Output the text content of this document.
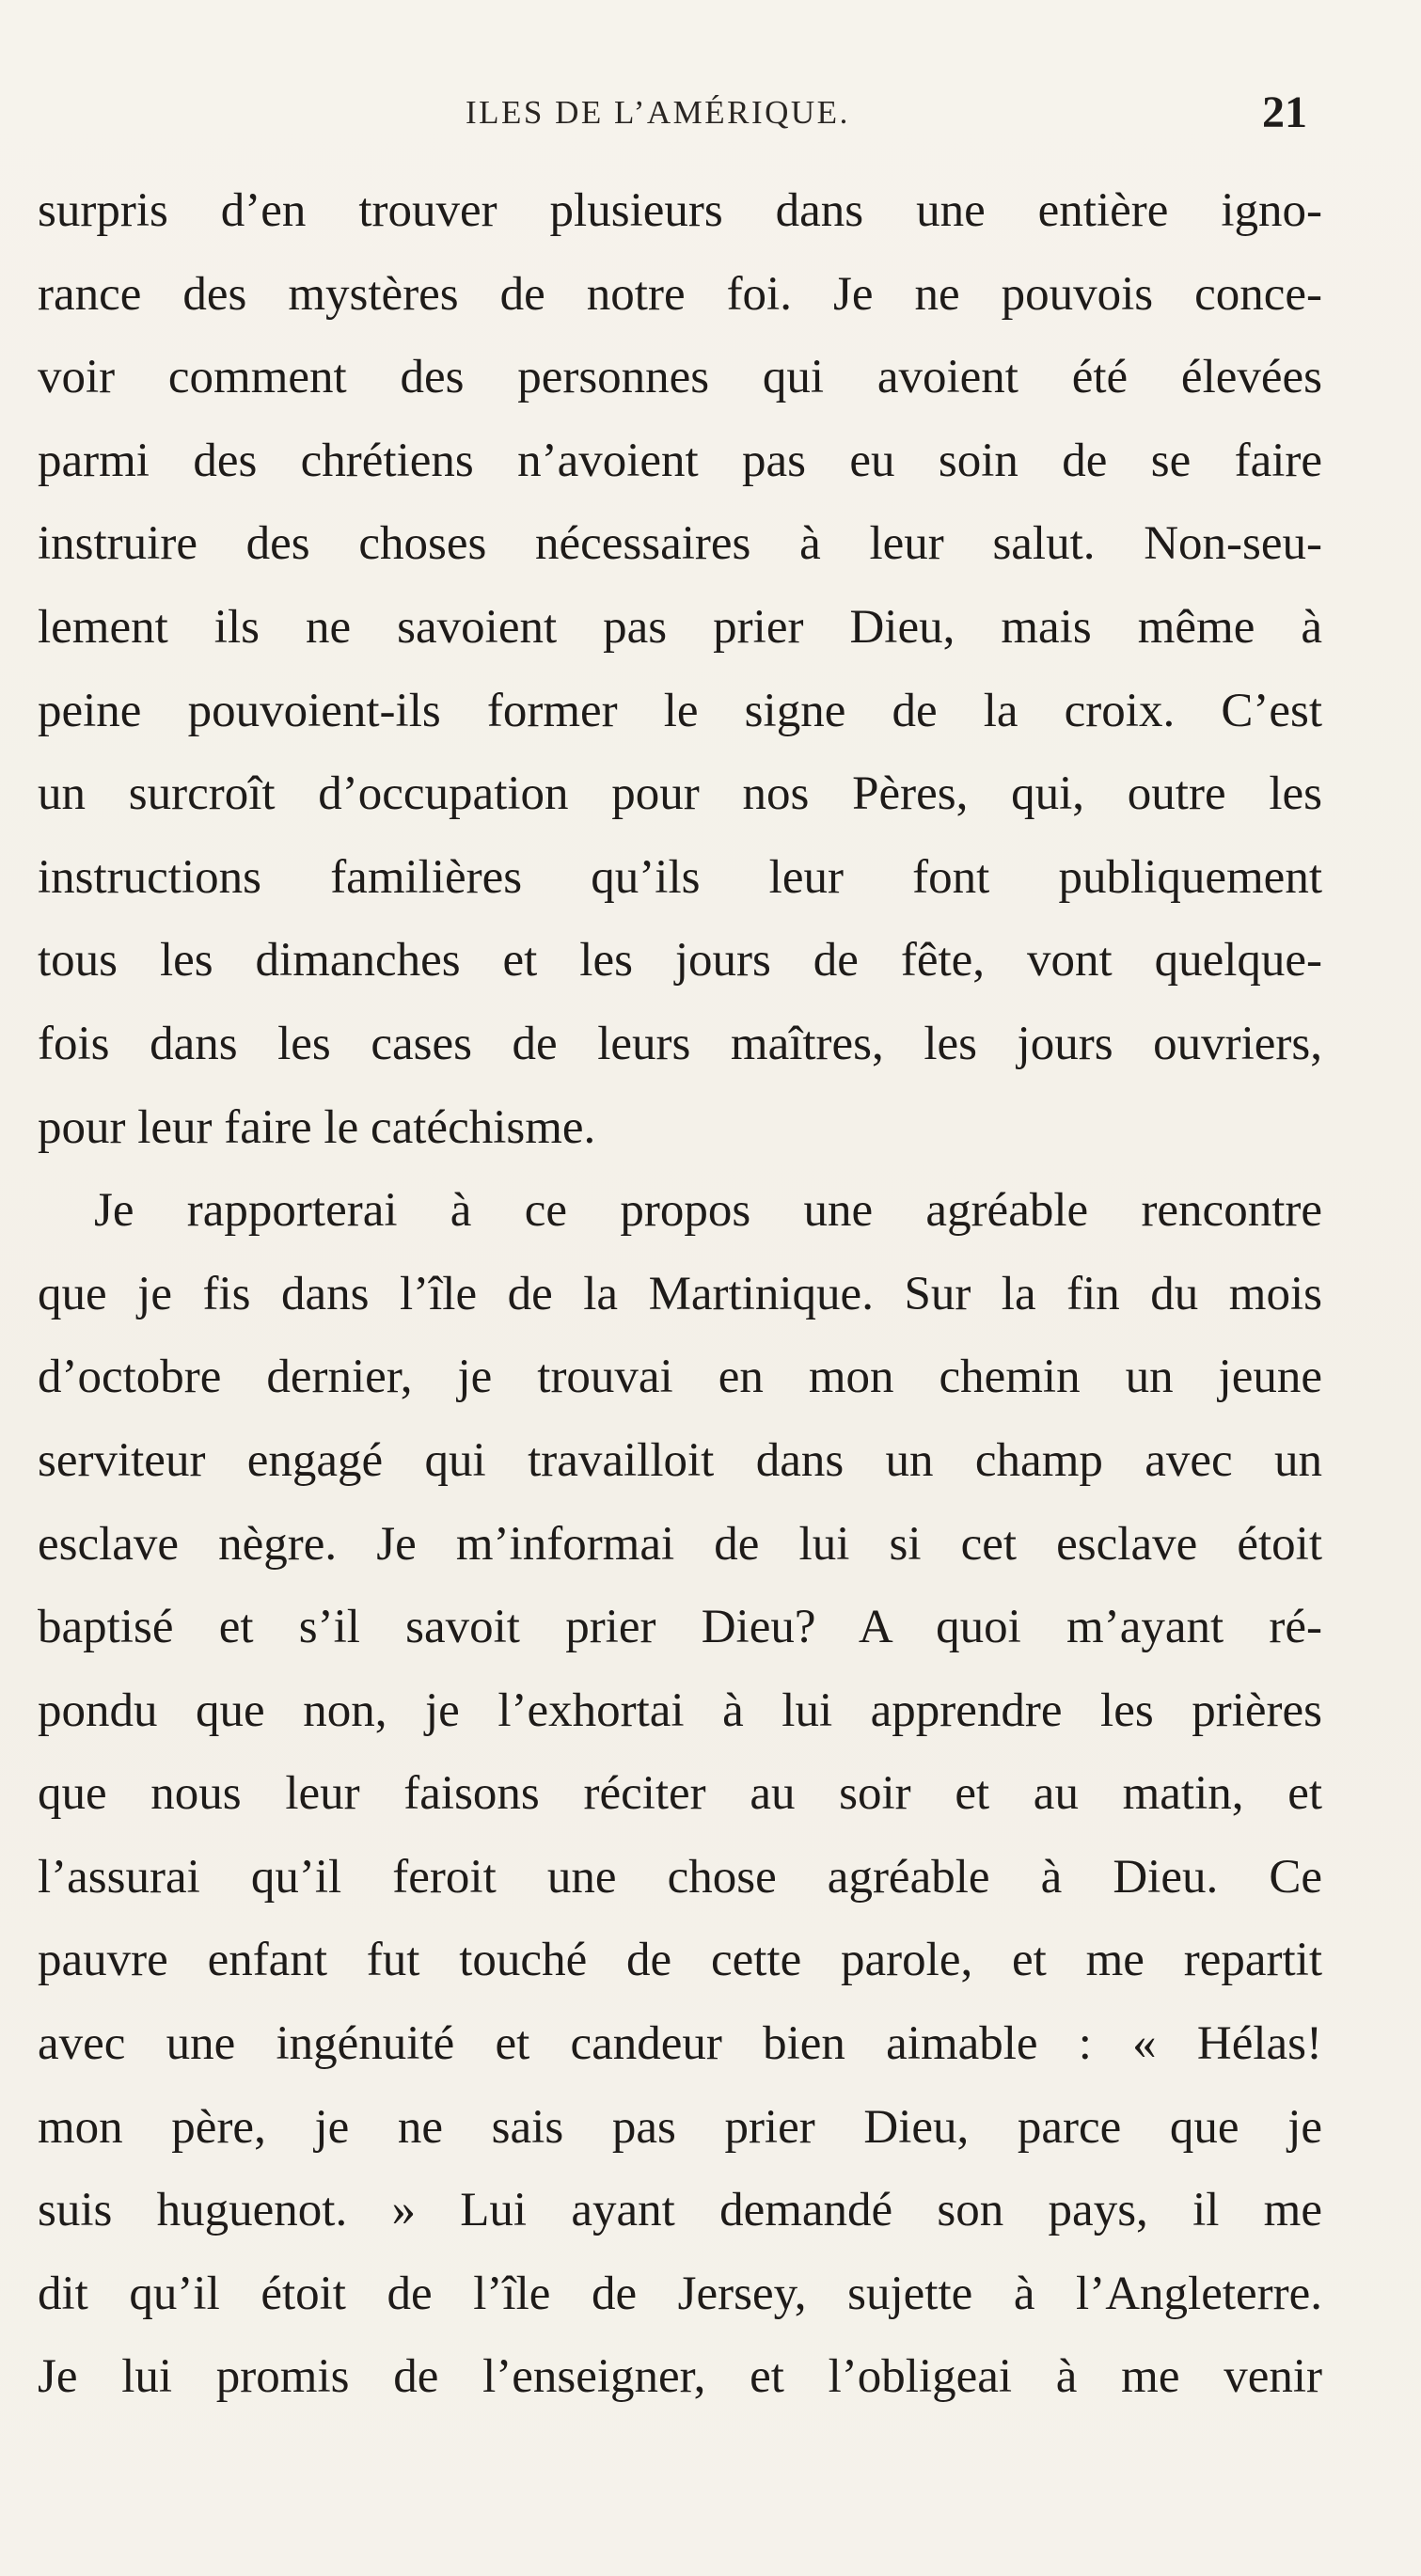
ILES DE L’AMÉRIQUE.	21
surpris d’en trouver plusieurs dans une entière igno-
rance des mystères de notre foi. Je ne pouvois conce-
voir comment des personnes qui avoient été élevées
parmi des chrétiens n’avoient pas eu soin de se faire
instruire des choses nécessaires à leur salut. Non-seu-
lement ils ne savoient pas prier Dieu, mais même à
peine pouvoient-ils former le signe de la croix. C’est
un surcroît d’occupation pour nos Pères, qui, outre les
instructions familières qu’ils leur font publiquement
tous les dimanches et les jours de fête, vont quelque-
fois dans les cases de leurs maîtres, les jours ouvriers,
pour leur faire le catéchisme.
Je rapporterai à ce propos une agréable rencontre
que je fis dans l’île de la Martinique. Sur la fin du mois
d’octobre dernier, je trouvai en mon chemin un jeune
serviteur engagé qui travailloit dans un champ avec un
esclave nègre. Je m’informai de lui si cet esclave étoit
baptisé et s’il savoit prier Dieu? A quoi m’ayant ré-
pondu que non, je l’exhortai à lui apprendre les prières
que nous leur faisons réciter au soir et au matin, et
l’assurai qu’il feroit une chose agréable à Dieu. Ce
pauvre enfant fut touché de cette parole, et me repartit
avec une ingénuité et candeur bien aimable : « Hélas!
mon père, je ne sais pas prier Dieu, parce que je
suis huguenot. » Lui ayant demandé son pays, il me
dit qu’il étoit de l’île de Jersey, sujette à l’Angleterre.
Je lui promis de l’enseigner, et l’obligeai à me venir
